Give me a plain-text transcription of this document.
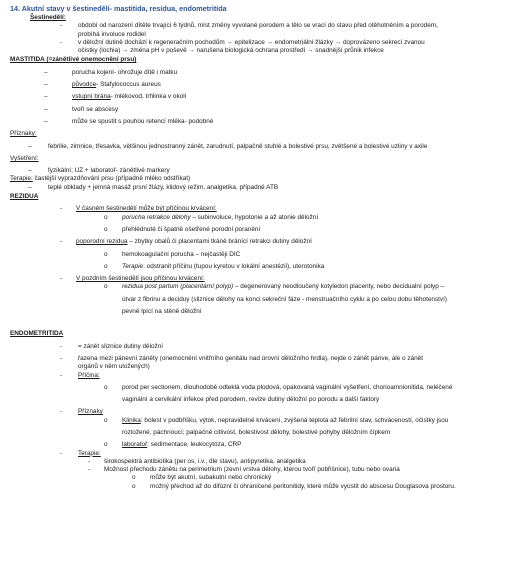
14. Akutní stavy v šestinedělí- mastitida, residua, endometritida
Šestinedělí:
- období od narození dítěte trvající 6 týdnů, míst změny vyvolané porodem a tělo se vrací do stavu před otěhotněním a porodem,
probíhá involuce rodidel
- v děložní dutině dochází k regeneračním pochodům → epitelizace → endometriální žlázky → doprovázeno sekrecí zvanou
očistky (lochia) → změna pH v poševě → narušena biologická ochrana prostředí → snadnější průnik infekce
MASTITIDA (=zánětlivé onemocnění prsu)
–	porucha kojení- ohrožuje dítě i matku
–	původce- Stafylococcus aureus
–	vstupní brána- mlékovod, trhlinka v okolí
–	tvoří se abscesy
–	může se spustit s pouhou retencí mléka- podobné
Příznaky:
–	febrilie, zimnice, třesavka, většinou jednostranný zánět, zarudnutí, palpačně stuhlé a bolestivé prsu, zvětšené a bolestivé uzliny v axile
Vyšetření:
–	fyzikální; UZ + laboratoř- zánětlivé markery
Terapie: častější vyprazdňování prsu (případně mléko odstříkat)
–	teplé obklady + jemná masáž prsní žlázy, klidový režim, analgetika, případně ATB
REZIDUA
- V časném šestinedělí může být příčinou krvácení:
o porucha retrakce dělohy – subinvoluce, hypotonie a až atonie děložní
o přehlédnuté či špatně ošetřené porodní poranění
- poporodní rezidua – zbytky obalů či placentami tkáně bránící retrakci dutiny děložní
o hemokoagulační porucha – nejčastěji DIC
o Terapie: odstranit příčinu (tupou kyretou v lokální anestézii), uterotonika
- V pozdním šestinedělí jsou příčinou krvácení:
o rezidua post partum (placentární polyp) – degenerovaný neodloučený kotyledon placenty, nebo decidualní polyp –
útvar z fibrinu a deciduy (sliznice dělohy na konci sekreční fáze - menstruačního cyklu a po celou dobu těhotenství)
pevně lpící na stěně děložní
ENDOMETRITIDA
- = zánět sliznice dutiny děložní
- řazena mezi pánevní záněty (onemocnění vnitřního genitálu nad úrovní děložního hrdla), nejde o zánět pánve, ale o zánět
orgánů v něm uložených)
- Příčina:
o porod per sectionem, dlouhodobě odteklá voda plodová, opakovaná vaginální vyšetření, chorioamnionitida, neléčené
vaginální a cervikální infekce před porodem, revize dutiny děložní po porodu a další faktory
- Příznaky
o Klinika: bolest v podbřišku, výtok, nepravidelné krvácení, zvýšená teplota až febrilní stav, schváceností, očistky jsou
rozložené, páchnoucí; palpačně citlivost, bolestivost dělohy, bolestivé pohyby děložním čípkem
o laboratoř: sedimentace, leukocytóza, CRP
- Terapie:
- širokospektrá antibiotika (per os, i.v., dle stavu), antipyretika, analgetika
- Možnost přechodu zánětu na perimetrium (zevní vrstva dělohy, kterou tvoří pobřišnice), tubu nebo ovaria
o může být akutní, subakutní nebo chronický
o možný přechod až do difúzní či ohraničené peritonitidy, které může vyústit do abscesu Douglasova prostoru.
